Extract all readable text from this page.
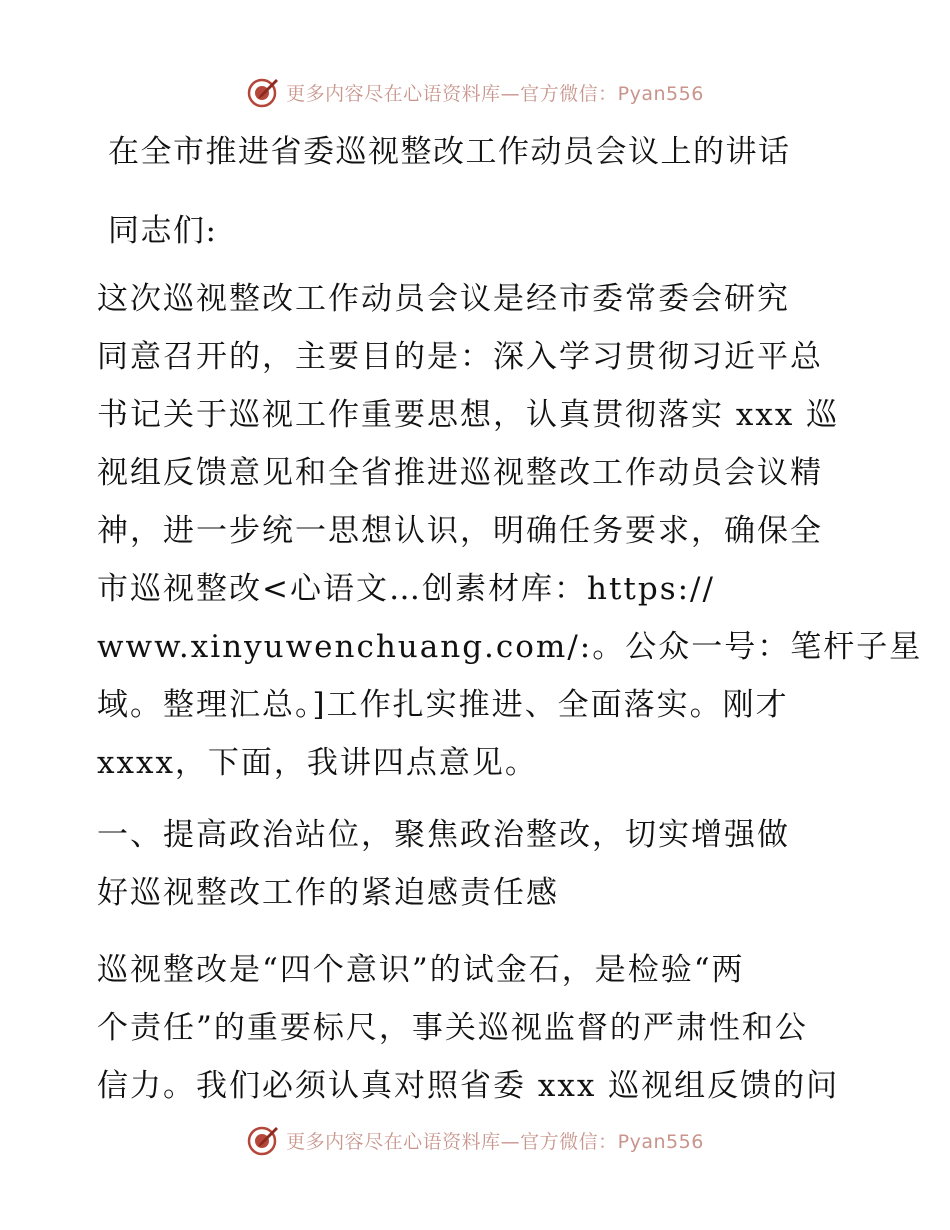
更多内容尽在心语资料库—官方微信：Pyan556
在全市推进省委巡视整改工作动员会议上的讲话
同志们:
这次巡视整改工作动员会议是经市委常委会研究
同意召开的，主要目的是：深入学习贯彻习近平总
书记关于巡视工作重要思想，认真贯彻落实 xxx 巡
视组反馈意见和全省推进巡视整改工作动员会议精
神，进一步统一思想认识，明确任务要求，确保全
市巡视整改<心语文…创素材库：https://
www.xinyuwenchuang.com/:。公众一号：笔杆子星
域。整理汇总。]工作扎实推进、全面落实。刚才
xxxx，下面，我讲四点意见。
一、提高政治站位，聚焦政治整改，切实增强做
好巡视整改工作的紧迫感责任感
巡视整改是“四个意识”的试金石，是检验“两
个责任”的重要标尺，事关巡视监督的严肃性和公
信力。我们必须认真对照省委 xxx 巡视组反馈的问
更多内容尽在心语资料库—官方微信：Pyan556
